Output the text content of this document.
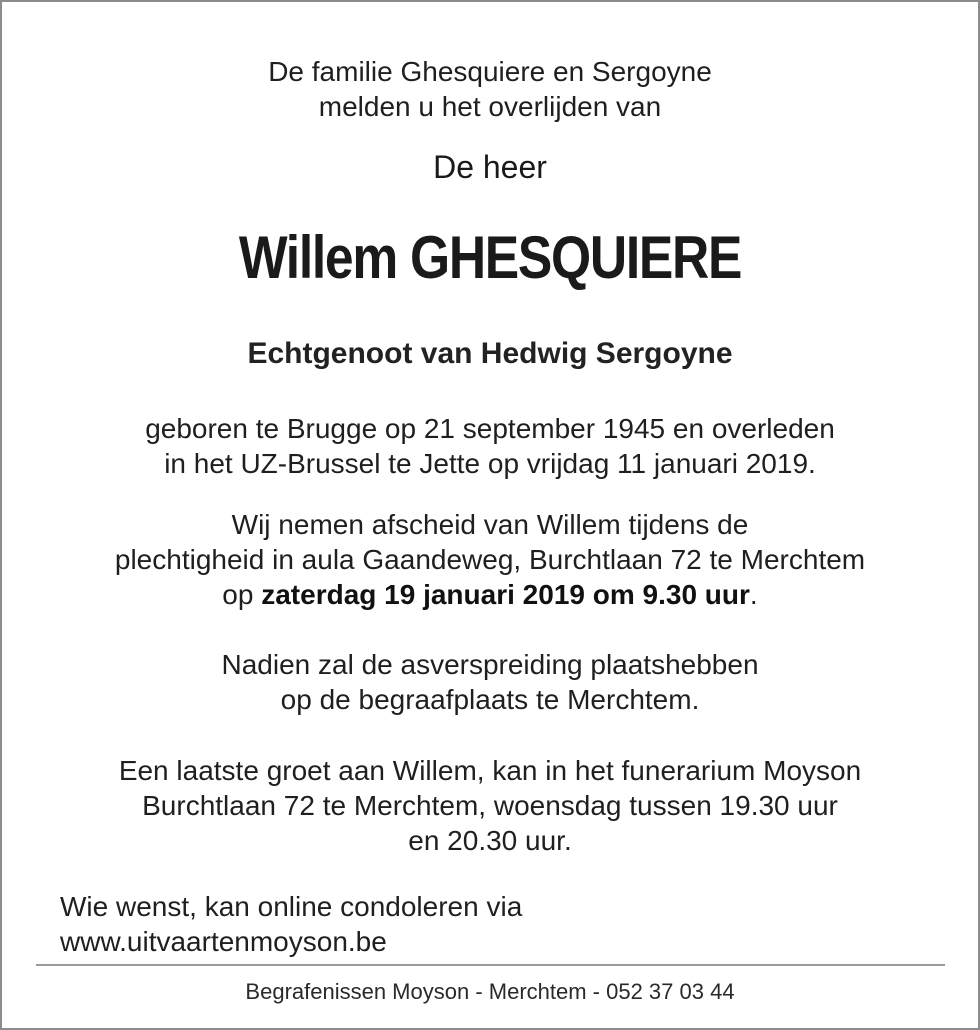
De familie Ghesquiere en Sergoyne
melden u het overlijden van
De heer
Willem GHESQUIERE
Echtgenoot van Hedwig Sergoyne
geboren te Brugge op 21 september 1945 en overleden
in het UZ-Brussel te Jette op vrijdag 11 januari 2019.
Wij nemen afscheid van Willem tijdens de
plechtigheid in aula Gaandeweg, Burchtlaan 72 te Merchtem
op zaterdag 19 januari 2019 om 9.30 uur.
Nadien zal de asverspreiding plaatshebben
op de begraafplaats te Merchtem.
Een laatste groet aan Willem, kan in het funerarium Moyson
Burchtlaan 72 te Merchtem, woensdag tussen 19.30 uur
en 20.30 uur.
Wie wenst, kan online condoleren via
www.uitvaartenmoyson.be
Begrafenissen Moyson - Merchtem - 052 37 03 44
